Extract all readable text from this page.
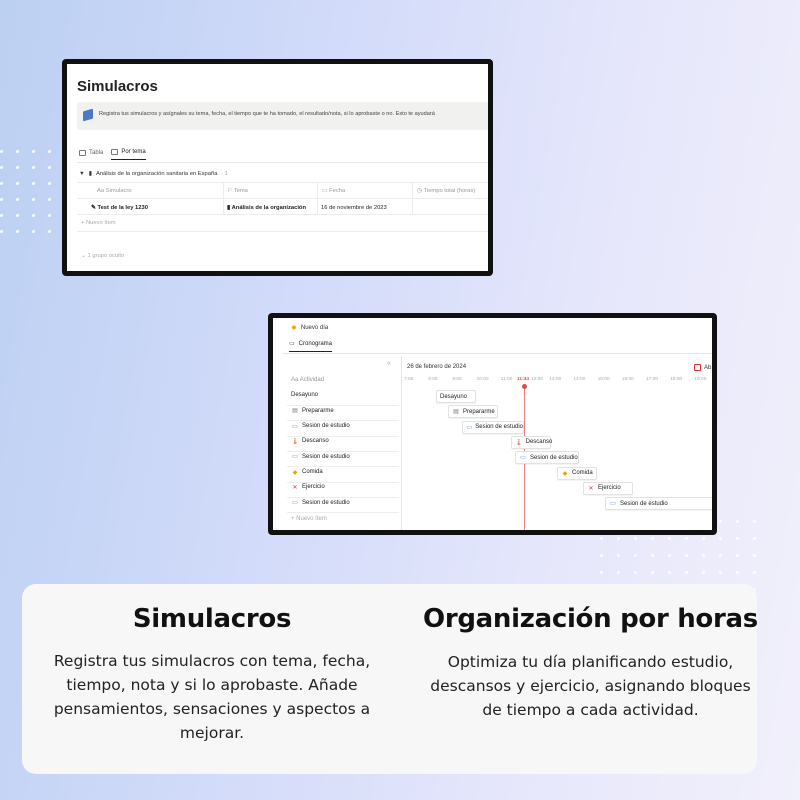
Simulacros
Registra tus simulacros y asígnales su tema, fecha, el tiempo que te ha tomado, el resultado/nota, si lo aprobaste o no. Esto te ayudará
Tabla	Por tema
▼ ▮ Análisis de la organización sanitaria en España 1
Aa Simulacro	⚐ Tema	▭ Fecha	◷ Tiempo total (horas)
✎ Test de la ley 1230	▮ Análisis de la organización	16 de noviembre de 2023
+ Nuevo ítem
⌄ 1 grupo oculto
✸ Nuevo día
▭ Cronograma
«	26 de febrero de 2024	Ab
7:00	8:00	9:00	10:00	11:00	12:00 13:00	14:00	15:00	16:00	17:00	18:00	19:00
11:44
Aa Actividad
Desayuno
▤ Prepararme
▭ Sesion de estudio
🌡 Descanso
▭ Sesion de estudio
◆ Comida
✕ Ejercicio
▭ Sesion de estudio
Desayuno
▤ Prepararme
▭ Sesion de estudio
🌡 Descanso
▭ Sesion de estudio
◆ Comida
✕ Ejercicio
▭ Sesion de estudio
+ Nuevo ítem
Simulacros

Registra tus simulacros con tema, fecha, tiempo, nota y si lo aprobaste. Añade pensamientos, sensaciones y aspectos a mejorar.

Organización por horas

Optimiza tu día planificando estudio, descansos y ejercicio, asignando bloques de tiempo a cada actividad.
